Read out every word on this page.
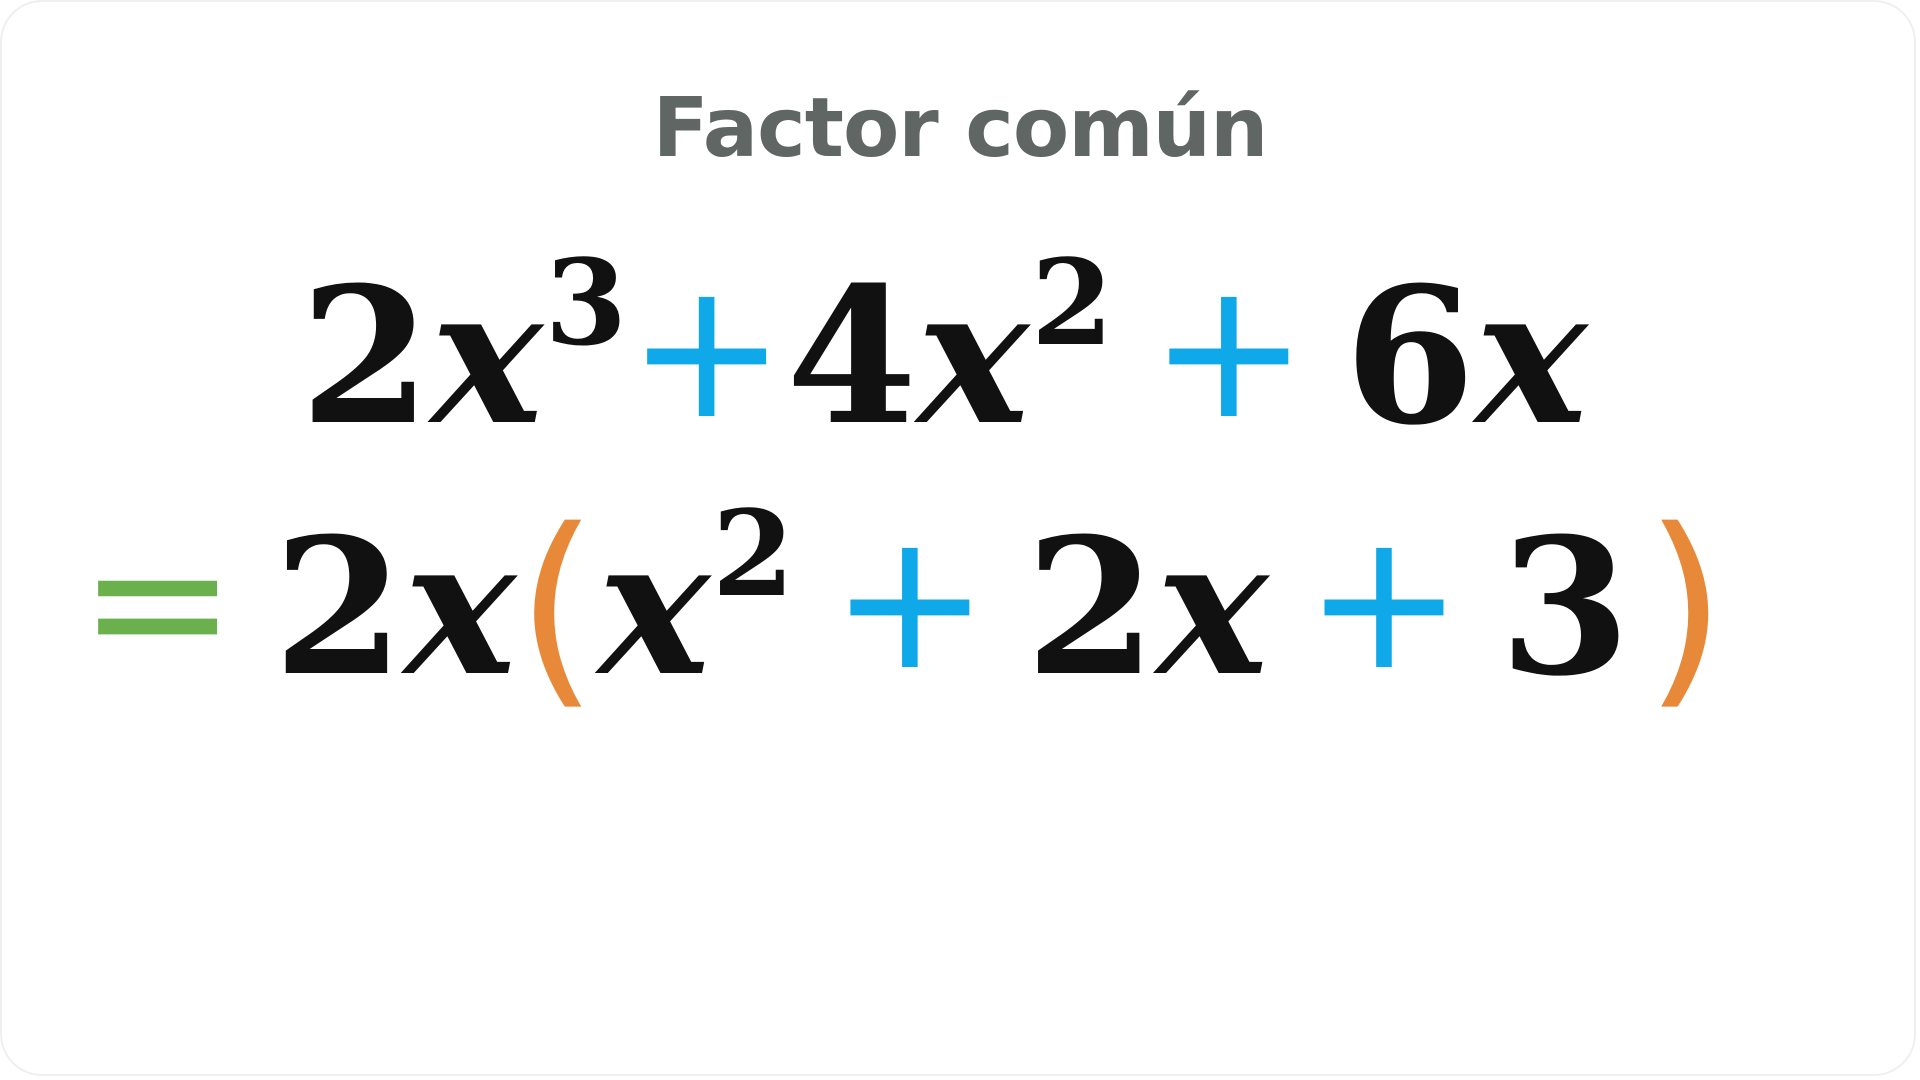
Factor común
$2x^3+4x^2 + 6x$
= $2x(x^2 + 2x + 3)$
